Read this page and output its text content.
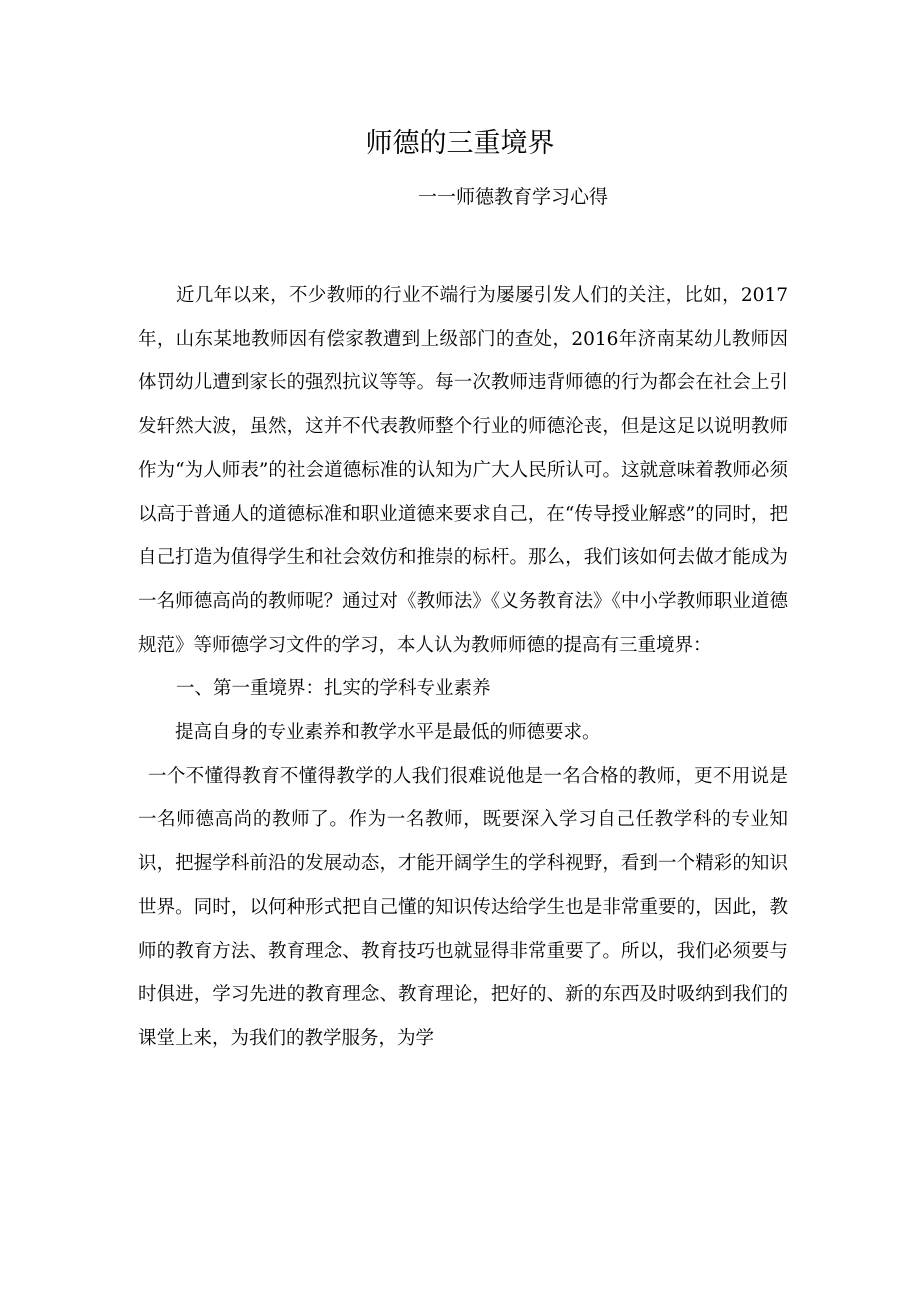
师德的三重境界
一一师德教育学习心得

近几年以来，不少教师的行业不端行为屡屡引发人们的关注，比如，2017年，山东某地教师因有偿家教遭到上级部门的查处，2016年济南某幼儿教师因体罚幼儿遭到家长的强烈抗议等等。每一次教师违背师德的行为都会在社会上引发轩然大波，虽然，这并不代表教师整个行业的师德沦丧，但是这足以说明教师作为“为人师表”的社会道德标准的认知为广大人民所认可。这就意味着教师必须以高于普通人的道德标准和职业道德来要求自己，在“传导授业解惑”的同时，把自己打造为值得学生和社会效仿和推崇的标杆。那么，我们该如何去做才能成为一名师德高尚的教师呢？通过对《教师法》《义务教育法》《中小学教师职业道德规范》等师德学习文件的学习，本人认为教师师德的提高有三重境界：

一、第一重境界：扎实的学科专业素养

提高自身的专业素养和教学水平是最低的师德要求。

一个不懂得教育不懂得教学的人我们很难说他是一名合格的教师，更不用说是一名师德高尚的教师了。作为一名教师，既要深入学习自己任教学科的专业知识，把握学科前沿的发展动态，才能开阔学生的学科视野，看到一个精彩的知识世界。同时，以何种形式把自己懂的知识传达给学生也是非常重要的，因此，教师的教育方法、教育理念、教育技巧也就显得非常重要了。所以，我们必须要与时俱进，学习先进的教育理念、教育理论，把好的、新的东西及时吸纳到我们的课堂上来，为我们的教学服务，为学
